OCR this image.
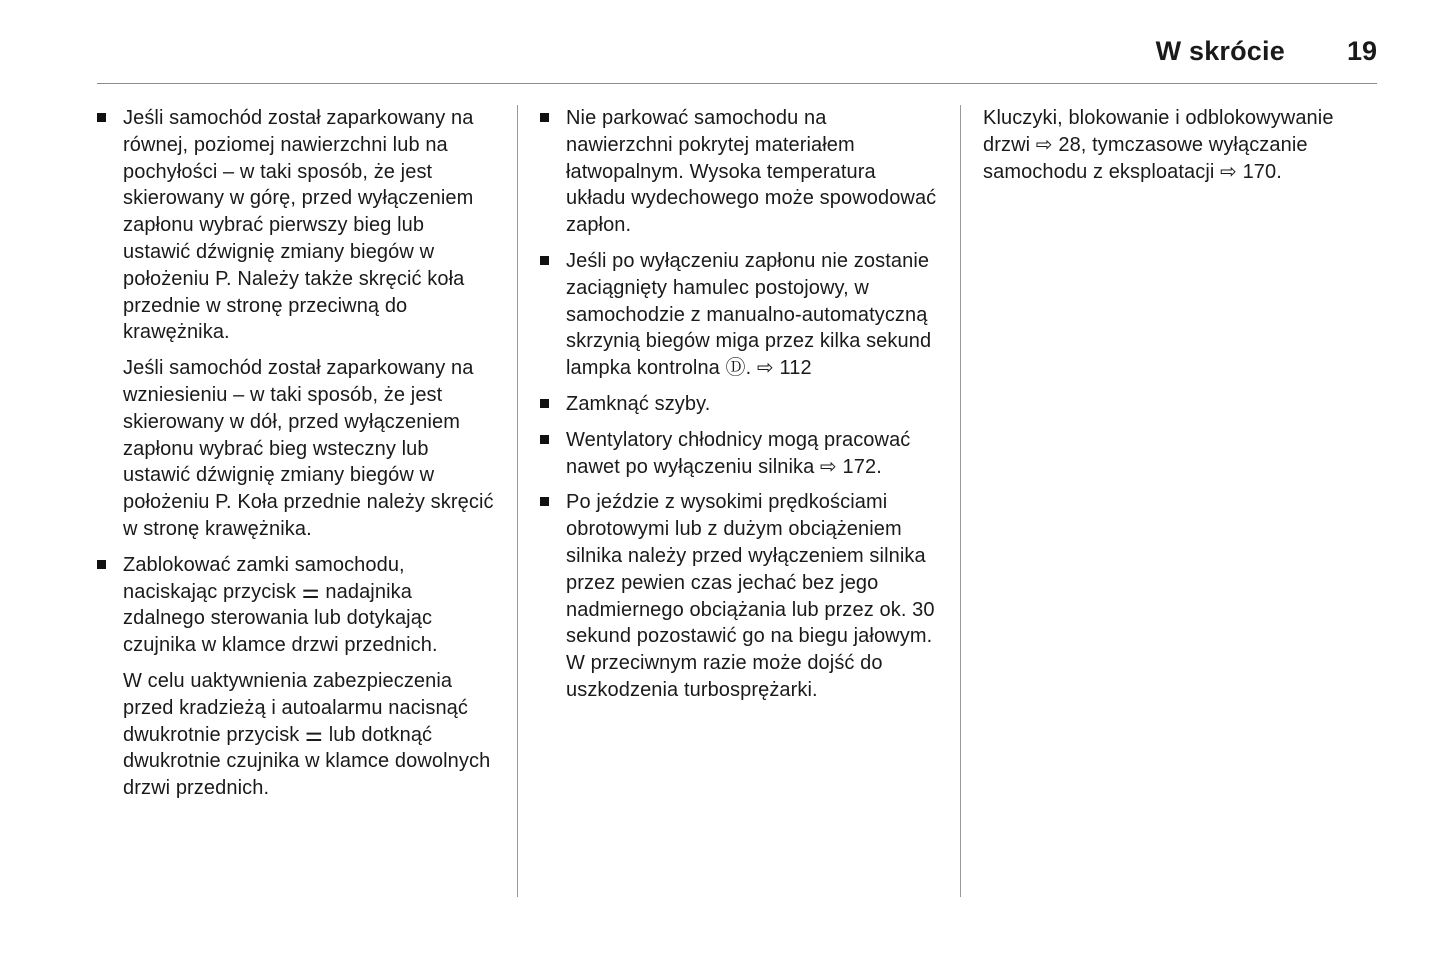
W skrócie 19
Jeśli samochód został zaparkowany na równej, poziomej nawierzchni lub na pochyłości – w taki sposób, że jest skierowany w górę, przed wyłączeniem zapłonu wybrać pierwszy bieg lub ustawić dźwignię zmiany biegów w położeniu P. Należy także skręcić koła przednie w stronę przeciwną do krawężnika.
Jeśli samochód został zaparkowany na wzniesieniu – w taki sposób, że jest skierowany w dół, przed wyłączeniem zapłonu wybrać bieg wsteczny lub ustawić dźwignię zmiany biegów w położeniu P. Koła przednie należy skręcić w stronę krawężnika.
Zablokować zamki samochodu, naciskając przycisk ⚌ nadajnika zdalnego sterowania lub dotykając czujnika w klamce drzwi przednich.
W celu uaktywnienia zabezpieczenia przed kradzieżą i autoalarmu nacisnąć dwukrotnie przycisk ⚌ lub dotknąć dwukrotnie czujnika w klamce dowolnych drzwi przednich.
Nie parkować samochodu na nawierzchni pokrytej materiałem łatwopalnym. Wysoka temperatura układu wydechowego może spowodować zapłon.
Jeśli po wyłączeniu zapłonu nie zostanie zaciągnięty hamulec postojowy, w samochodzie z manualno-automatyczną skrzynią biegów miga przez kilka sekund lampka kontrolna Ⓓ. ⇨ 112
Zamknąć szyby.
Wentylatory chłodnicy mogą pracować nawet po wyłączeniu silnika ⇨ 172.
Po jeździe z wysokimi prędkościami obrotowymi lub z dużym obciążeniem silnika należy przed wyłączeniem silnika przez pewien czas jechać bez jego nadmiernego obciążania lub przez ok. 30 sekund pozostawić go na biegu jałowym. W przeciwnym razie może dojść do uszkodzenia turbosprężarki.
Kluczyki, blokowanie i odblokowywanie drzwi ⇨ 28, tymczasowe wyłączanie samochodu z eksploatacji ⇨ 170.
